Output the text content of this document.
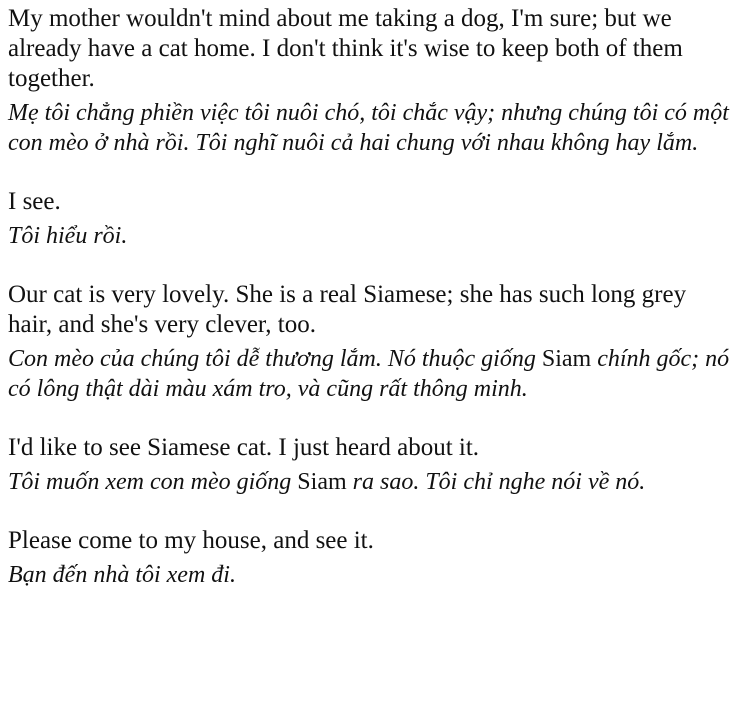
My mother wouldn't mind about me taking a dog, I'm sure; but we already have a cat home. I don't think it's wise to keep both of them together.

Mẹ tôi chẳng phiền việc tôi nuôi chó, tôi chắc vậy; nhưng chúng tôi có một con mèo ở nhà rồi. Tôi nghĩ nuôi cả hai chung với nhau không hay lắm.

I see.

Tôi hiểu rồi.

Our cat is very lovely. She is a real Siamese; she has such long grey hair, and she's very clever, too.

Con mèo của chúng tôi dễ thương lắm. Nó thuộc giống Siam chính gốc; nó có lông thật dài màu xám tro, và cũng rất thông minh.

I'd like to see Siamese cat. I just heard about it.

Tôi muốn xem con mèo giống Siam ra sao. Tôi chỉ nghe nói về nó.

Please come to my house, and see it.

Bạn đến nhà tôi xem đi.
